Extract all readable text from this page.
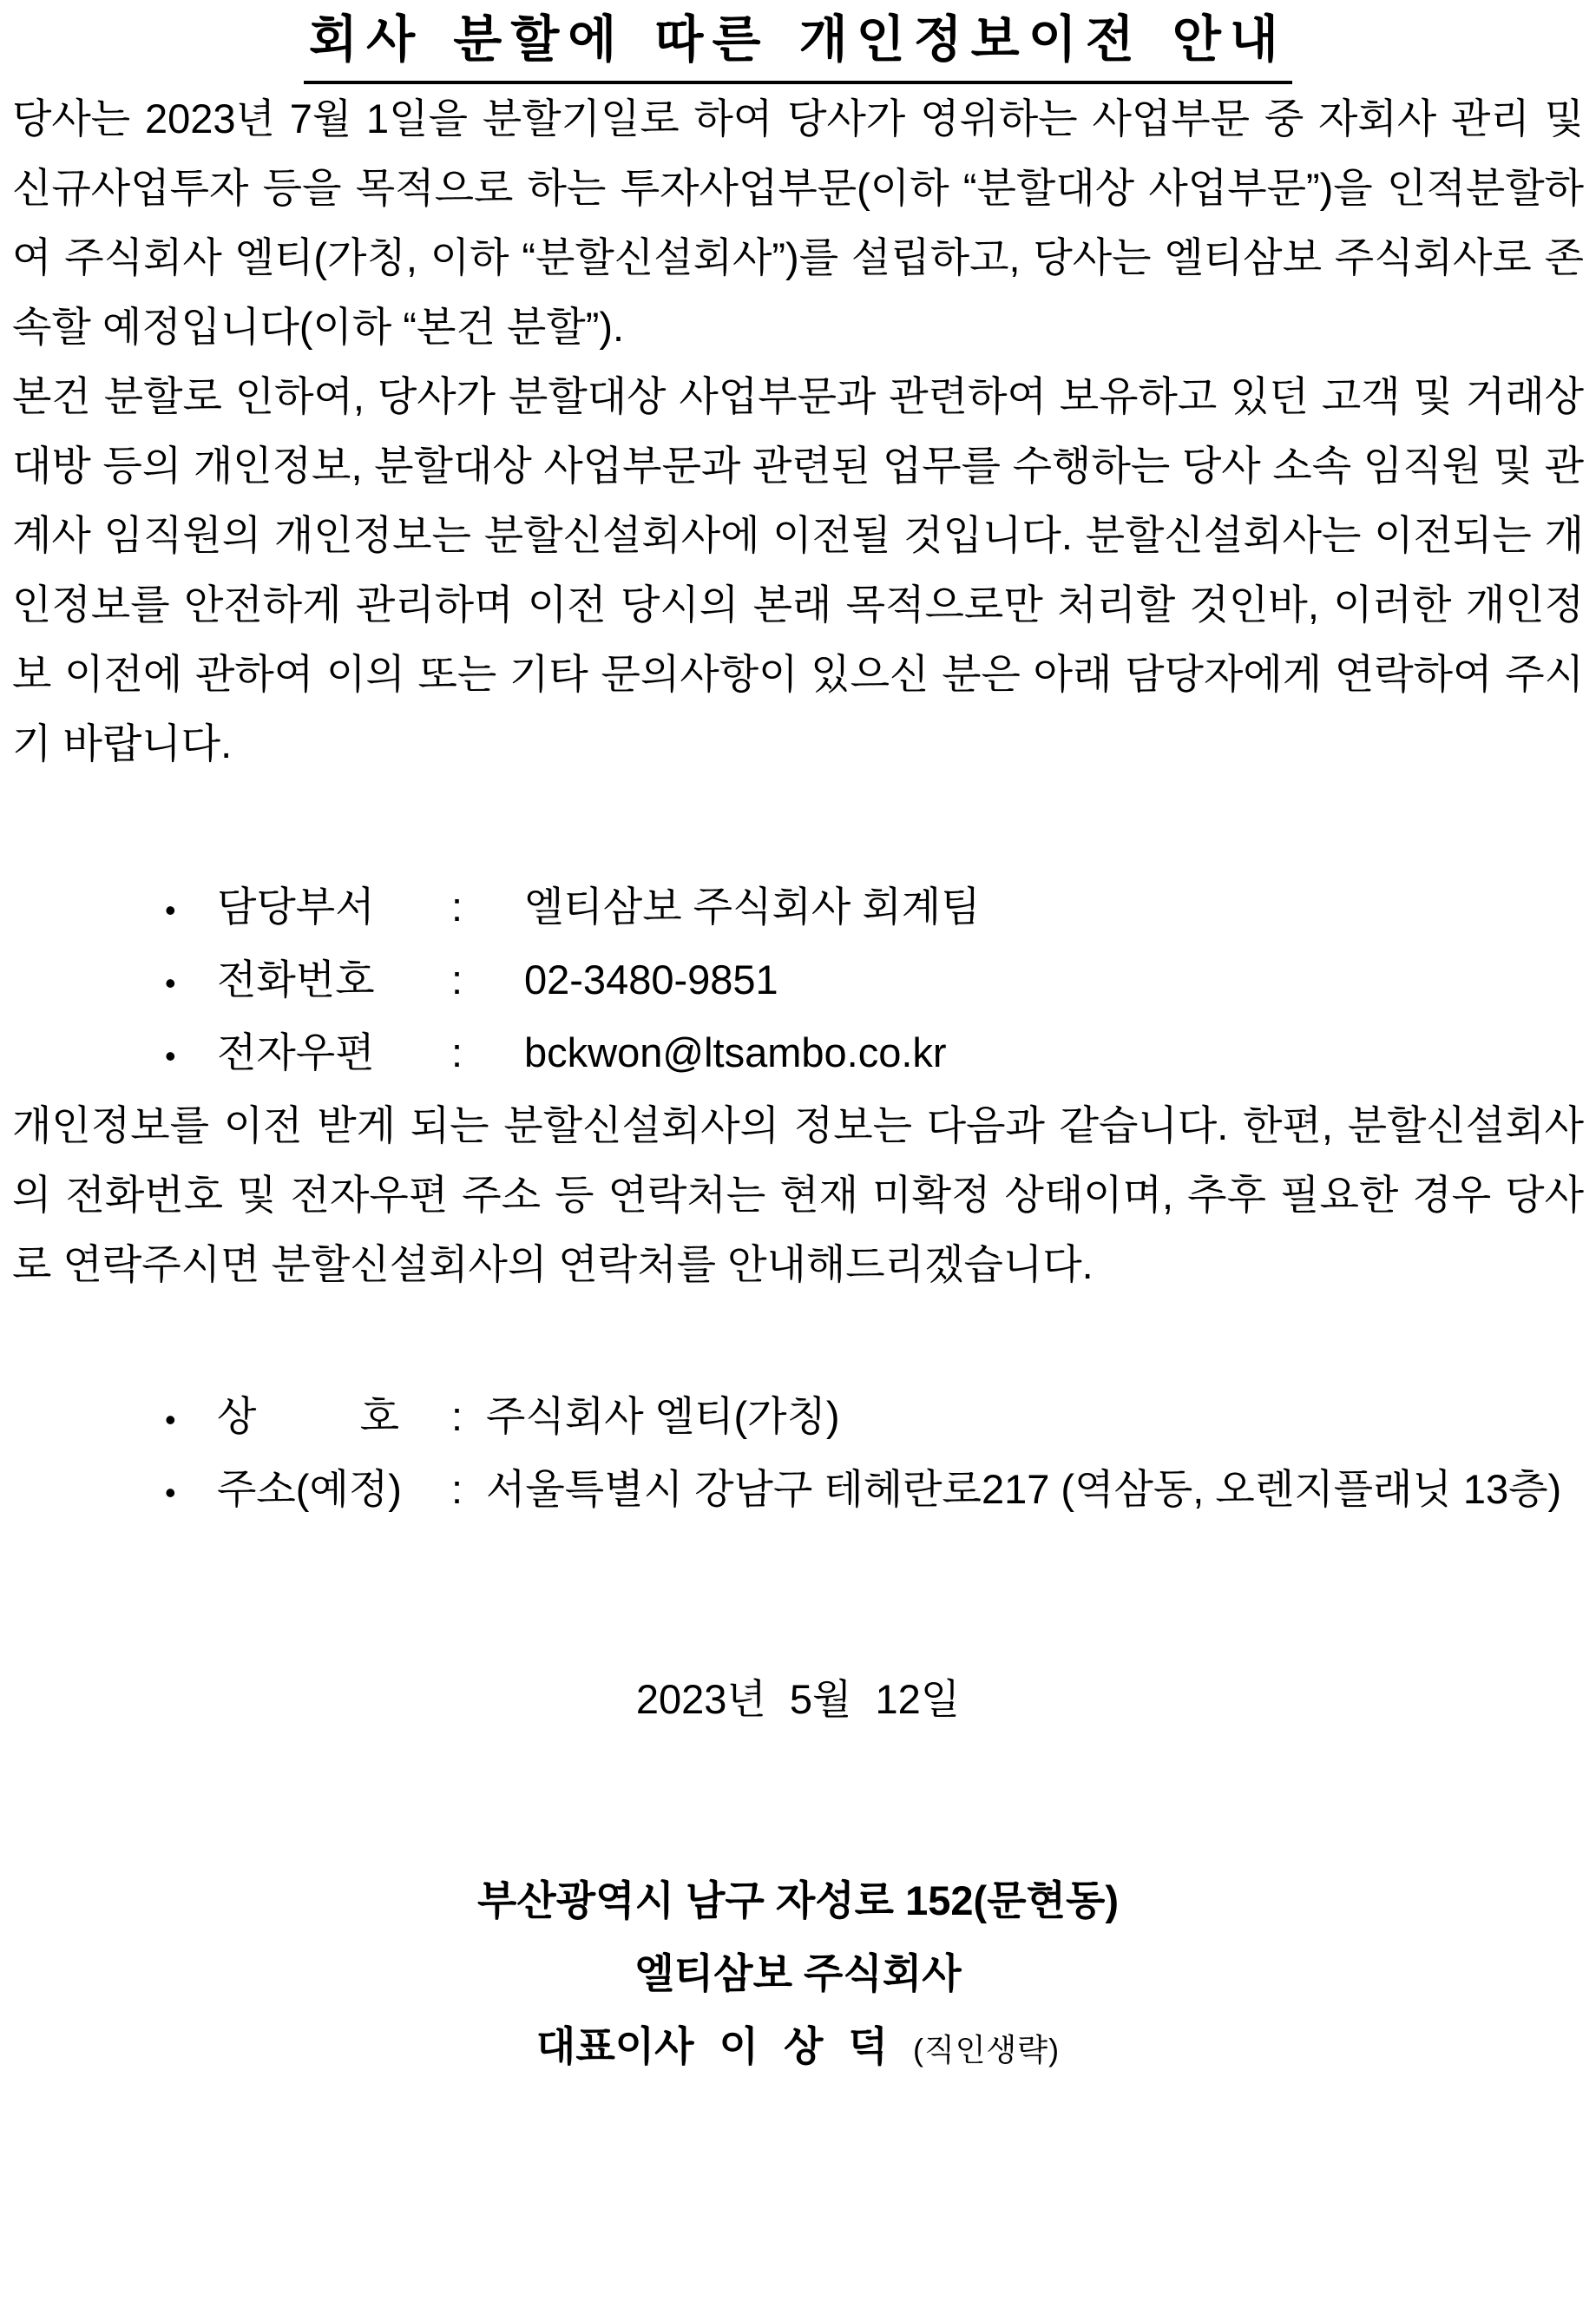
회사 분할에 따른 개인정보이전 안내

당사는 2023년 7월 1일을 분할기일로 하여 당사가 영위하는 사업부문 중 자회사 관리 및 신규사업투자 등을 목적으로 하는 투자사업부문(이하 “분할대상 사업부문”)을 인적분할하여 주식회사 엘티(가칭, 이하 “분할신설회사”)를 설립하고, 당사는 엘티삼보 주식회사로 존속할 예정입니다(이하 “본건 분할”).

본건 분할로 인하여, 당사가 분할대상 사업부문과 관련하여 보유하고 있던 고객 및 거래상대방 등의 개인정보, 분할대상 사업부문과 관련된 업무를 수행하는 당사 소속 임직원 및 관계사 임직원의 개인정보는 분할신설회사에 이전될 것입니다. 분할신설회사는 이전되는 개인정보를 안전하게 관리하며 이전 당시의 본래 목적으로만 처리할 것인바, 이러한 개인정보 이전에 관하여 이의 또는 기타 문의사항이 있으신 분은 아래 담당자에게 연락하여 주시기 바랍니다.

•	담당부서	:	엘티삼보 주식회사 회계팀
•	전화번호	:	02-3480-9851
•	전자우편	:	bckwon@ltsambo.co.kr

개인정보를 이전 받게 되는 분할신설회사의 정보는 다음과 같습니다. 한편, 분할신설회사의 전화번호 및 전자우편 주소 등 연락처는 현재 미확정 상태이며, 추후 필요한 경우 당사로 연락주시면 분할신설회사의 연락처를 안내해드리겠습니다.

•	상 호	: 주식회사 엘티(가칭)
•	주소(예정)	: 서울특별시 강남구 테헤란로217 (역삼동, 오렌지플래닛 13층)
2023년 5월 12일
부산광역시 남구 자성로 152(문현동)
엘티삼보 주식회사
대표이사 이 상 덕 (직인생략)
